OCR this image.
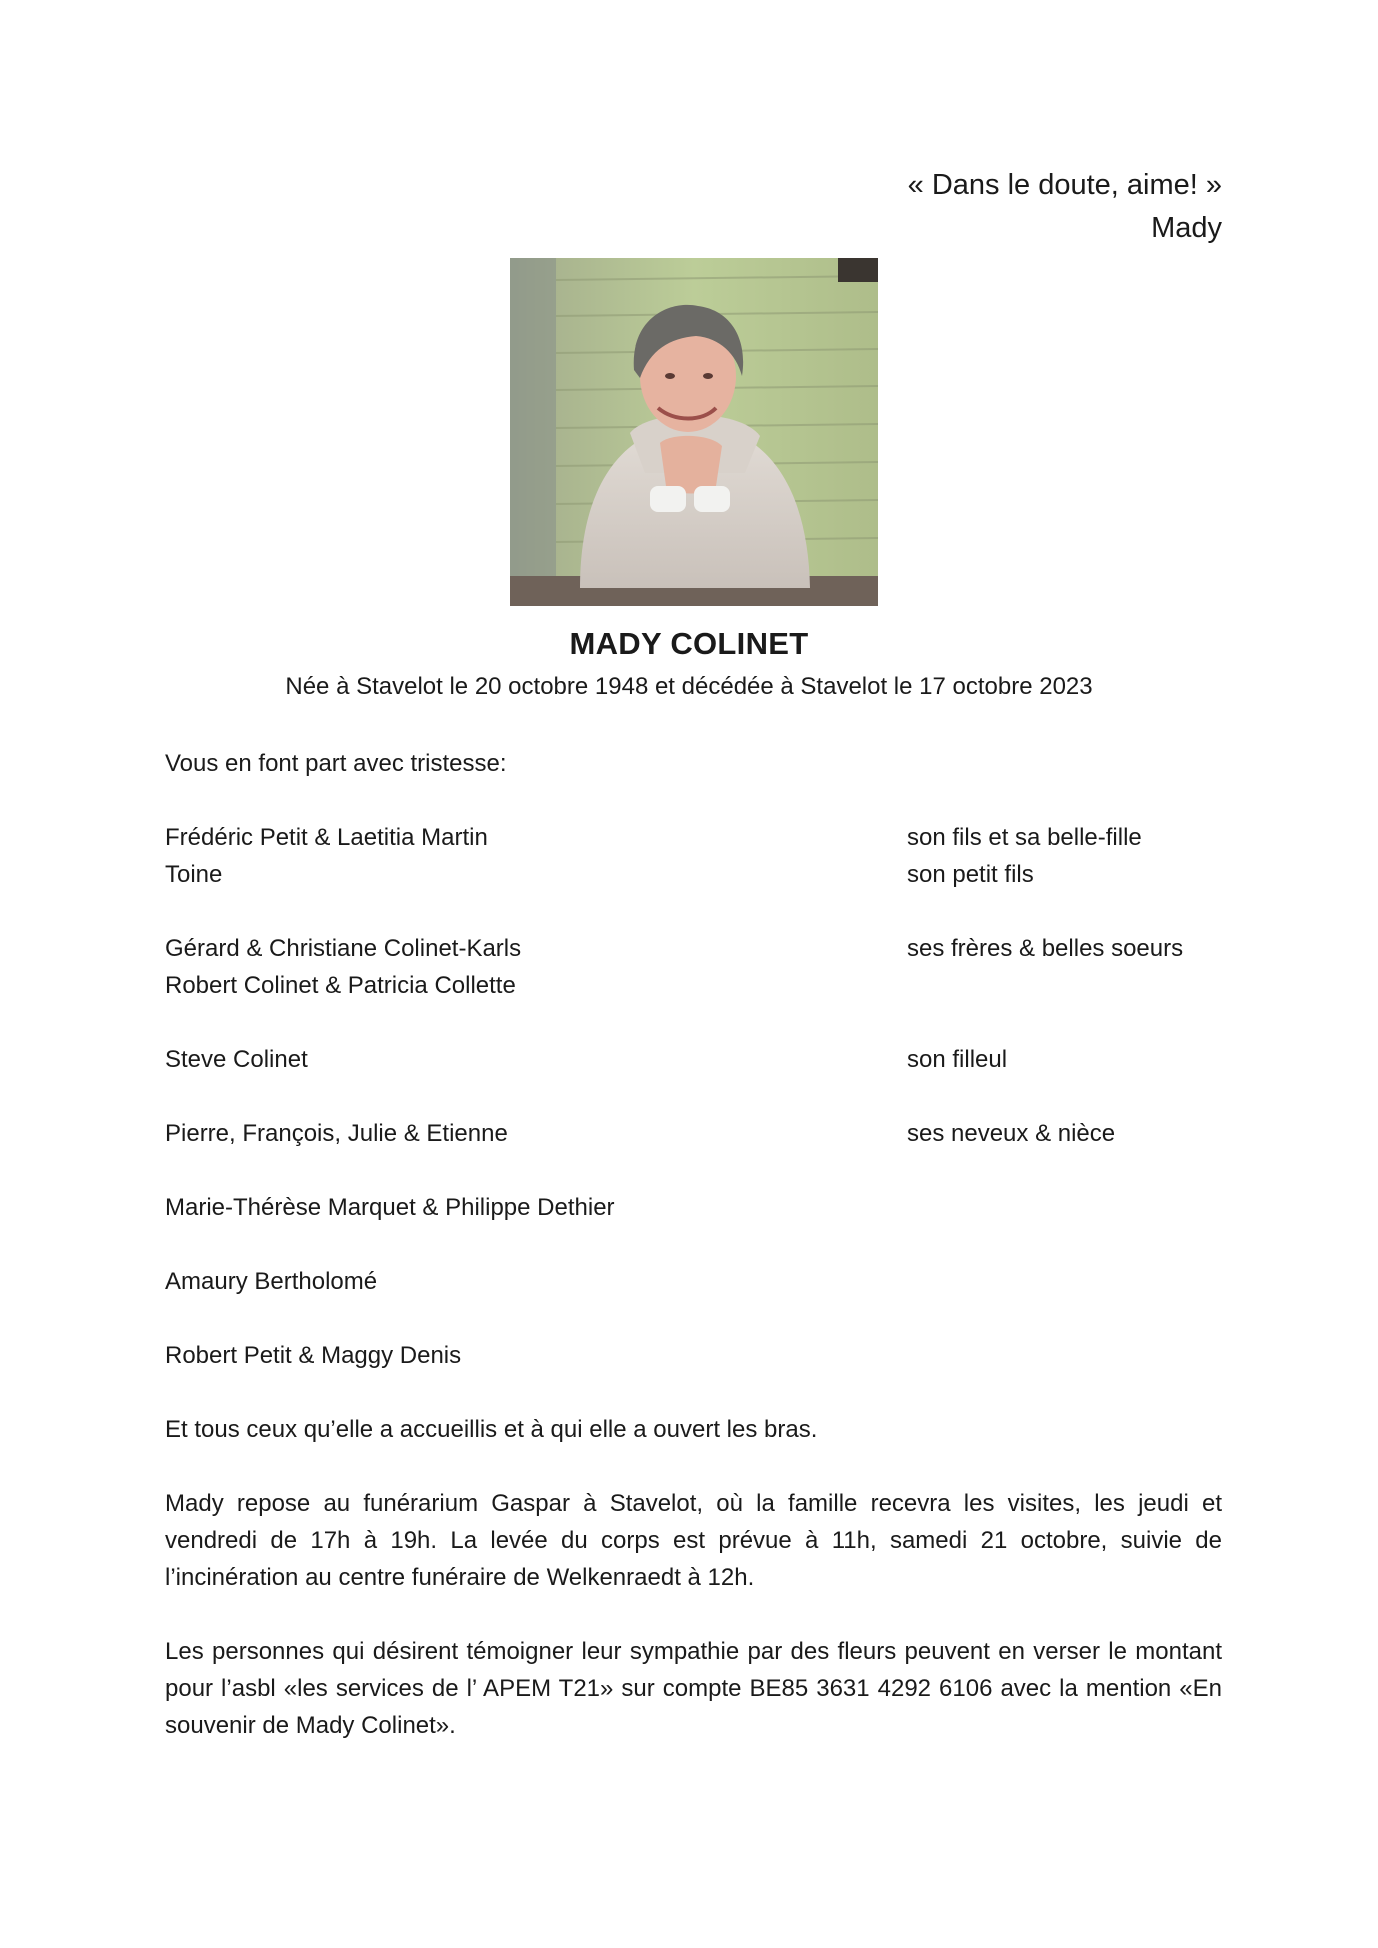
« Dans le doute, aime! »
Mady
MADY COLINET
Née à Stavelot le 20 octobre 1948 et décédée à Stavelot le 17 octobre 2023
Vous en font part avec tristesse:
Frédéric Petit & Laetitia Martin	son fils et sa belle-fille
Toine	son petit fils
Gérard & Christiane Colinet-Karls	ses frères & belles soeurs
Robert Colinet & Patricia Collette
Steve Colinet	son filleul
Pierre, François, Julie & Etienne	ses neveux & nièce
Marie-Thérèse Marquet & Philippe Dethier
Amaury Bertholomé
Robert Petit & Maggy Denis
Et tous ceux qu’elle a accueillis et à qui elle a ouvert les bras.
Mady repose au funérarium Gaspar à Stavelot, où la famille recevra les visites, les jeudi et vendredi de 17h à 19h. La levée du corps est prévue à 11h, samedi 21 octobre, suivie de l’incinération au centre funéraire de Welkenraedt à 12h.
Les personnes qui désirent témoigner leur sympathie par des fleurs peuvent en verser le montant pour l’asbl «les services de l’ APEM T21» sur compte BE85 3631 4292 6106 avec la mention «En souvenir de Mady Colinet».
